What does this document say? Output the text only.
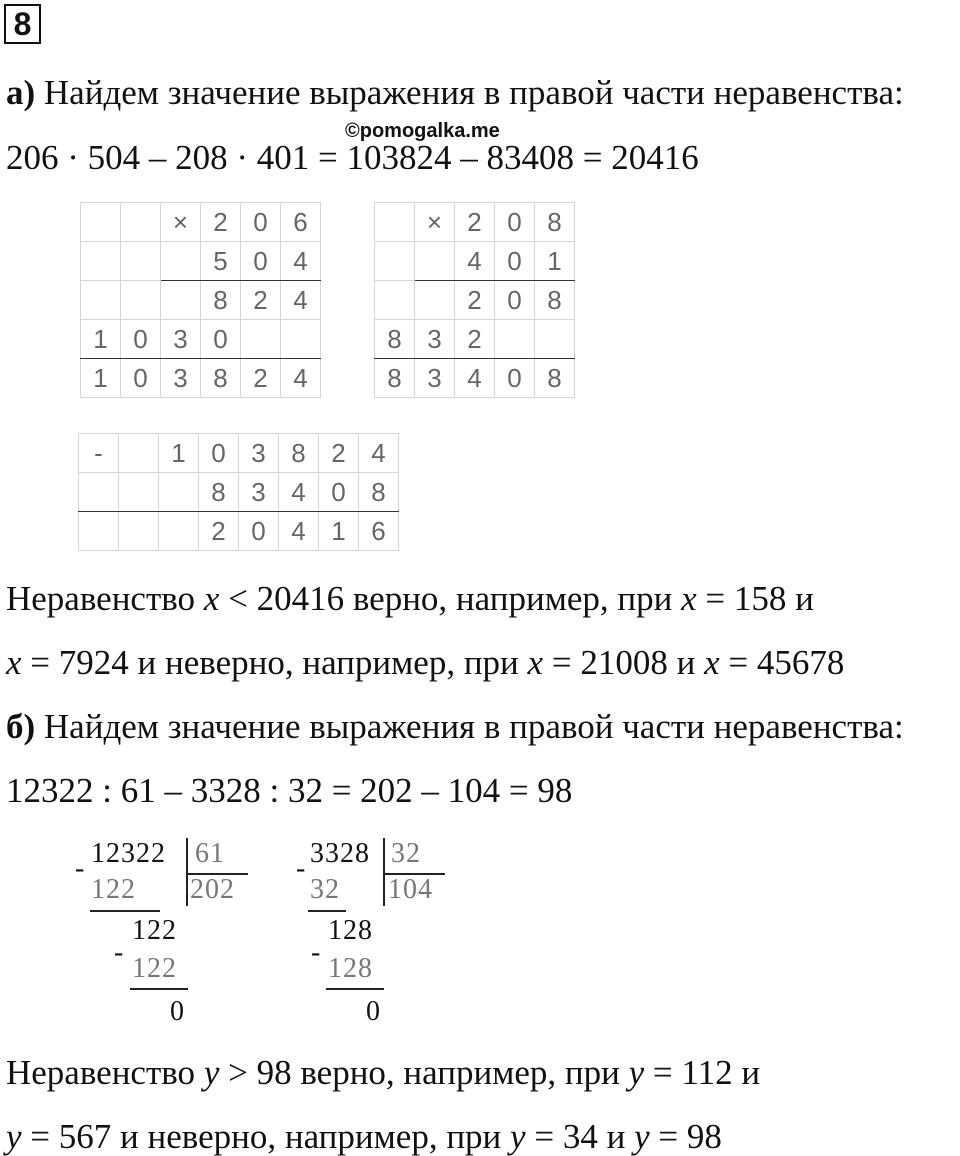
8
а) Найдем значение выражения в правой части неравенства:
©pomogalka.me
206 · 504 – 208 · 401 = 103824 – 83408 = 20416
		×	2	0	6
			5	0	4
			8	2	4
1	0	3	0		
1	0	3	8	2	4
	×	2	0	8
		4	0	1
		2	0	8
8	3	2		
8	3	4	0	8
-		1	0	3	8	2	4
			8	3	4	0	8
			2	0	4	1	6
Неравенство x < 20416 верно, например, при x = 158 и
x = 7924 и неверно, например, при x = 21008 и x = 45678
б) Найдем значение выражения в правой части неравенства:
12322 : 61 – 3328 : 32 = 202 – 104 = 98
- 12322 61
122 202
-
122
122
0
- 3328 32
32 104
-
128
128
0
Неравенство y > 98 верно, например, при y = 112 и
y = 567 и неверно, например, при y = 34 и y = 98
